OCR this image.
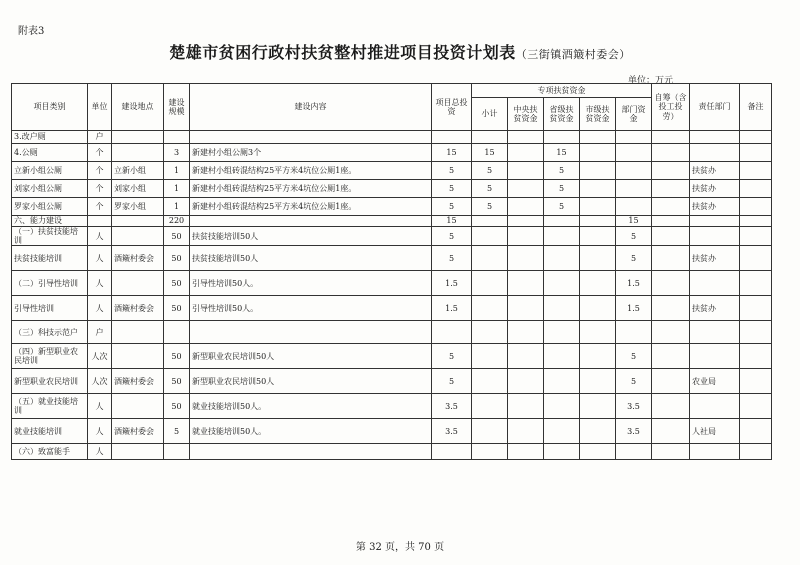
附表3
楚雄市贫困行政村扶贫整村推进项目投资计划表（三街镇酒簸村委会）
单位：万元
项目类别	单位	建设地点	建设规模	建设内容	项目总投资	专项扶贫资金					自筹（含投工投劳）	责任部门	备注
						小计	中央扶贫资金	省级扶贫资金	市级扶贫资金	部门资金			
3.改户厕	户												
4.公厕	个		3	新建村小组公厕3个	15	15		15					
立新小组公厕	个	立新小组	1	新建村小组砖混结构25平方米4坑位公厕1座。	5	5		5				扶贫办	
刘家小组公厕	个	刘家小组	1	新建村小组砖混结构25平方米4坑位公厕1座。	5	5		5				扶贫办	
罗家小组公厕	个	罗家小组	1	新建村小组砖混结构25平方米4坑位公厕1座。	5	5		5				扶贫办	
六、能力建设			220		15					15			
（一）扶贫技能培训	人		50	扶贫技能培训50人	5					5			
扶贫技能培训	人	酒簸村委会	50	扶贫技能培训50人	5					5		扶贫办	
（二）引导性培训	人		50	引导性培训50人。	1.5					1.5			
引导性培训	人	酒簸村委会	50	引导性培训50人。	1.5					1.5		扶贫办	
（三）科技示范户	户												
（四）新型职业农民培训	人次		50	新型职业农民培训50人	5					5			
新型职业农民培训	人次	酒簸村委会	50	新型职业农民培训50人	5					5		农业局	
（五）就业技能培训	人		50	就业技能培训50人。	3.5					3.5			
就业技能培训	人	酒簸村委会	5	就业技能培训50人。	3.5					3.5		人社局	
（六）致富能手	人												
第 32 页，共 70 页
